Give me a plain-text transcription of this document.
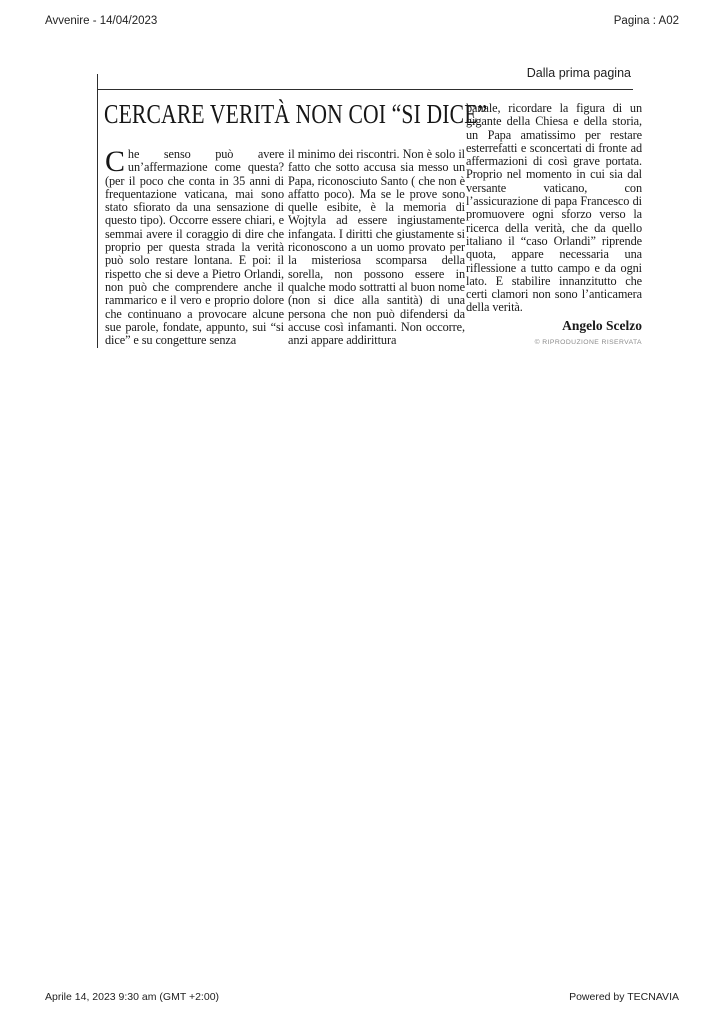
Avvenire - 14/04/2023	Pagina : A02
Dalla prima pagina
CERCARE VERITÀ NON COI “SI DICE”
Che senso può avere un’affermazione come questa? (per il poco che conta in 35 anni di frequentazione vaticana, mai sono stato sfiorato da una sensazione di questo tipo). Occorre essere chiari, e semmai avere il coraggio di dire che proprio per questa strada la verità può solo restare lontana. E poi: il rispetto che si deve a Pietro Orlandi, non può che comprendere anche il rammarico e il vero e proprio dolore che continuano a provocare alcune sue parole, fondate, appunto, sui “si dice” e su congetture senza
il minimo dei riscontri. Non è solo il fatto che sotto accusa sia messo un Papa, riconosciuto Santo ( che non è affatto poco). Ma se le prove sono quelle esibite, è la memoria di Wojtyla ad essere ingiustamente infangata. I diritti che giustamente si riconoscono a un uomo provato per la misteriosa scomparsa della sorella, non possono essere in qualche modo sottratti al buon nome (non si dice alla santità) di una persona che non può difendersi da accuse così infamanti. Non occorre, anzi appare addirittura
banale, ricordare la figura di un gigante della Chiesa e della storia, un Papa amatissimo per restare esterrefatti e sconcertati di fronte ad affermazioni di così grave portata. Proprio nel momento in cui sia dal versante vaticano, con l’assicurazione di papa Francesco di promuovere ogni sforzo verso la ricerca della verità, che da quello italiano il “caso Orlandi” riprende quota, appare necessaria una riflessione a tutto campo e da ogni lato. E stabilire innanzitutto che certi clamori non sono l’anticamera della verità.
Angelo Scelzo
© RIPRODUZIONE RISERVATA
Aprile 14, 2023 9:30 am (GMT +2:00)	Powered by TECNAVIA
